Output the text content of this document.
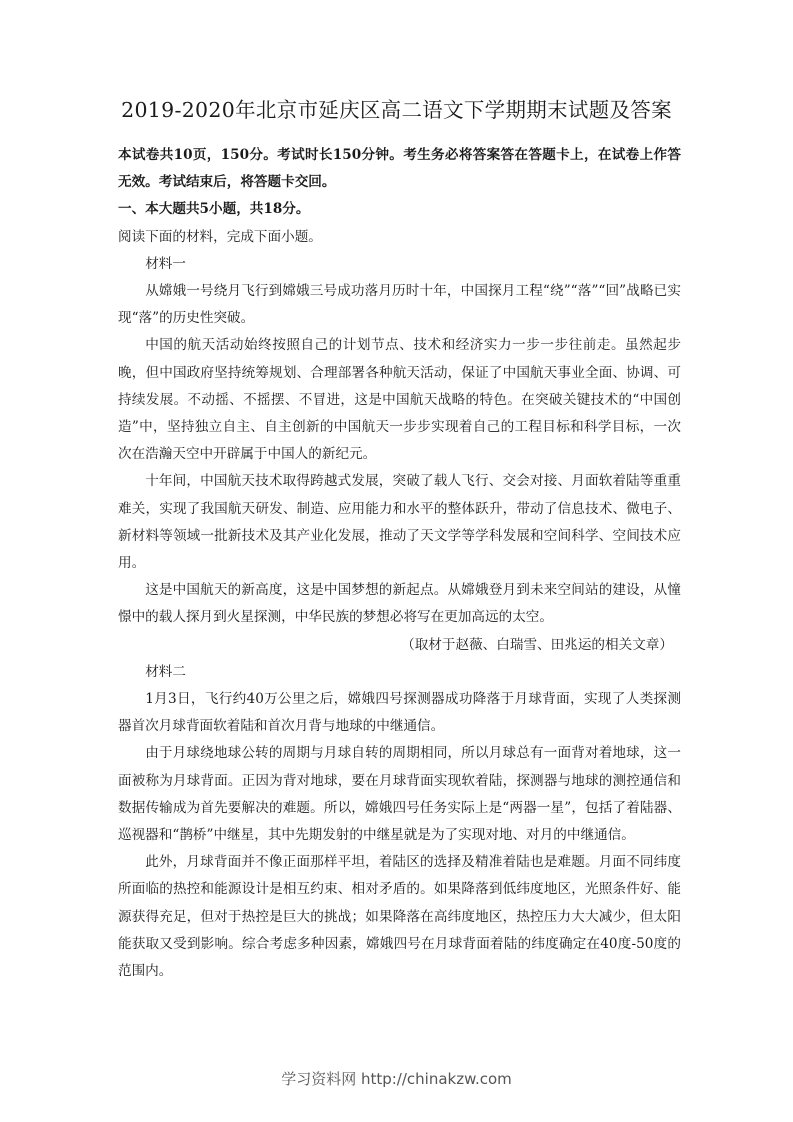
2019-2020年北京市延庆区高二语文下学期期末试题及答案

本试卷共10页，150分。考试时长150分钟。考生务必将答案答在答题卡上，在试卷上作答无效。考试结束后，将答题卡交回。

一、本大题共5小题，共18分。

阅读下面的材料，完成下面小题。

材料一

从嫦娥一号绕月飞行到嫦娥三号成功落月历时十年，中国探月工程“绕”“落”“回”战略已实现“落”的历史性突破。

中国的航天活动始终按照自己的计划节点、技术和经济实力一步一步往前走。虽然起步晚，但中国政府坚持统筹规划、合理部署各种航天活动，保证了中国航天事业全面、协调、可持续发展。不动摇、不摇摆、不冒进，这是中国航天战略的特色。在突破关键技术的“中国创造”中，坚持独立自主、自主创新的中国航天一步步实现着自己的工程目标和科学目标，一次次在浩瀚天空中开辟属于中国人的新纪元。

十年间，中国航天技术取得跨越式发展，突破了载人飞行、交会对接、月面软着陆等重重难关，实现了我国航天研发、制造、应用能力和水平的整体跃升，带动了信息技术、微电子、新材料等领域一批新技术及其产业化发展，推动了天文学等学科发展和空间科学、空间技术应用。

这是中国航天的新高度，这是中国梦想的新起点。从嫦娥登月到未来空间站的建设，从憧憬中的载人探月到火星探测，中华民族的梦想必将写在更加高远的太空。

（取材于赵薇、白瑞雪、田兆运的相关文章）

材料二

1月3日，飞行约40万公里之后，嫦娥四号探测器成功降落于月球背面，实现了人类探测器首次月球背面软着陆和首次月背与地球的中继通信。

由于月球绕地球公转的周期与月球自转的周期相同，所以月球总有一面背对着地球，这一面被称为月球背面。正因为背对地球，要在月球背面实现软着陆，探测器与地球的测控通信和数据传输成为首先要解决的难题。所以，嫦娥四号任务实际上是“两器一星”，包括了着陆器、巡视器和“鹊桥”中继星，其中先期发射的中继星就是为了实现对地、对月的中继通信。

此外，月球背面并不像正面那样平坦，着陆区的选择及精准着陆也是难题。月面不同纬度所面临的热控和能源设计是相互约束、相对矛盾的。如果降落到低纬度地区，光照条件好、能源获得充足，但对于热控是巨大的挑战；如果降落在高纬度地区，热控压力大大减少，但太阳能获取又受到影响。综合考虑多种因素，嫦娥四号在月球背面着陆的纬度确定在40度-50度的范围内。

学习资料网 http://chinakzw.com
